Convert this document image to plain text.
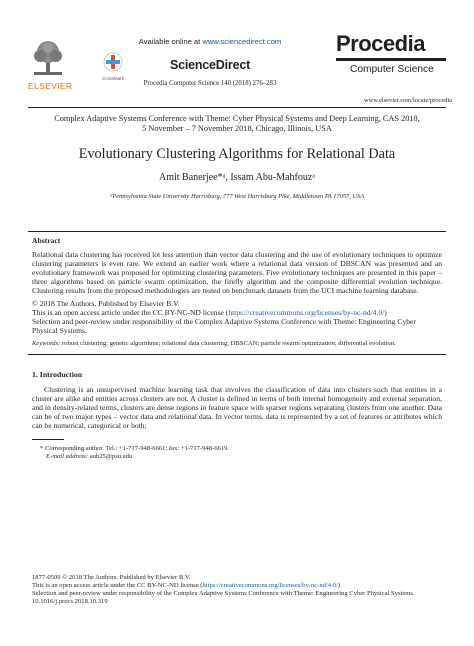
ELSEVIER
Available online at www.sciencedirect.com
CrossMark
ScienceDirect
Procedia Computer Science 140 (2018) 276–283
Procedia
Computer Science
www.elsevier.com/locate/procedia
Complex Adaptive Systems Conference with Theme: Cyber Physical Systems and Deep Learning, CAS 2018,
5 November – 7 November 2018, Chicago, Illinois, USA
Evolutionary Clustering Algorithms for Relational Data
Amit Banerjee*ᵃ, Issam Abu-Mahfouzᵃ
ᵃPennsylvania State University Harrisburg, 777 West Harrisburg Pike, Middletown PA 17057, USA
Abstract
Relational data clustering has received lot less attention than vector data clustering and the use of evolutionary techniques to optimize clustering parameters is even rare. We extend an earlier work where a relational data version of DBSCAN was presented and an evolutionary framework was proposed for optimizing clustering parameters. Five evolutionary techniques are presented in this paper – three algorithms based on particle swarm optimization, the firefly algorithm and the composite differential evolution technique. Clustering results from the proposed methodologies are tested on benchmark datasets from the UCI machine learning database.
© 2018 The Authors. Published by Elsevier B.V.
This is an open access article under the CC BY-NC-ND license (https://creativecommons.org/licenses/by-nc-nd/4.0/)
Selection and peer-review under responsibility of the Complex Adaptive Systems Conference with Theme: Engineering Cyber Physical Systems.
Keywords: robust clustering; genetic algorithms; relational data clustering; DBSCAN; particle swarm optimization; differential evolution.
1. Introduction
Clustering is an unsupervised machine learning task that involves the classification of data into clusters such that entities in a cluster are alike and entities across clusters are not. A cluster is defined in terms of both internal homogeneity and external separation, and in density-related terms, clusters are dense regions in feature space with sparser regions separating clusters from one another. Data can be of two major types – vector data and relational data. In vector terms, data is represented by a set of features or attributes which can be numerical, categorical or both;
* Corresponding author. Tel.: +1-717-948-6661; fax: +1-717-948-6619.
E-mail address: aub25@psu.edu
1877-0509 © 2018 The Authors. Published by Elsevier B.V.
This is an open access article under the CC BY-NC-ND license (https://creativecommons.org/licenses/by-nc-nd/4.0/)
Selection and peer-review under responsibility of the Complex Adaptive Systems Conference with Theme: Engineering Cyber Physical Systems.
10.1016/j.procs.2018.10.319
